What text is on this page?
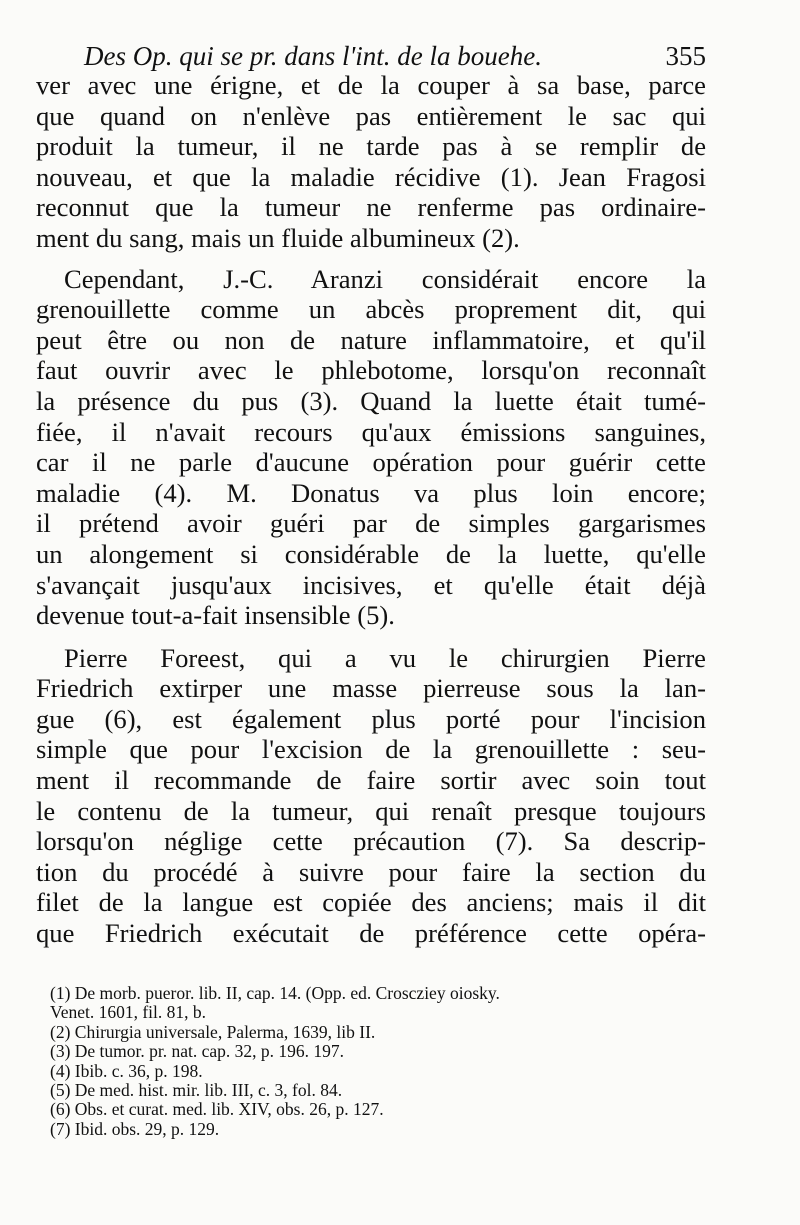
Des Op. qui se pr. dans l'int. de la bouehe.	355

ver avec une érigne, et de la couper à sa base, parce
que quand on n'enlève pas entièrement le sac qui
produit la tumeur, il ne tarde pas à se remplir de
nouveau, et que la maladie récidive (1). Jean Fragosi
reconnut que la tumeur ne renferme pas ordinaire-
ment du sang, mais un fluide albumineux (2).

Cependant, J.-C. Aranzi considérait encore la
grenouillette comme un abcès proprement dit, qui
peut être ou non de nature inflammatoire, et qu'il
faut ouvrir avec le phlebotome, lorsqu'on reconnaît
la présence du pus (3). Quand la luette était tumé-
fiée, il n'avait recours qu'aux émissions sanguines,
car il ne parle d'aucune opération pour guérir cette
maladie (4). M. Donatus va plus loin encore;
il prétend avoir guéri par de simples gargarismes
un alongement si considérable de la luette, qu'elle
s'avançait jusqu'aux incisives, et qu'elle était déjà
devenue tout-a-fait insensible (5).

Pierre Foreest, qui a vu le chirurgien Pierre
Friedrich extirper une masse pierreuse sous la lan-
gue (6), est également plus porté pour l'incision
simple que pour l'excision de la grenouillette : seu-
ment il recommande de faire sortir avec soin tout
le contenu de la tumeur, qui renaît presque toujours
lorsqu'on néglige cette précaution (7). Sa descrip-
tion du procédé à suivre pour faire la section du
filet de la langue est copiée des anciens; mais il dit
que Friedrich exécutait de préférence cette opéra-

(1) De morb. pueror. lib. II, cap. 14. (Opp. ed. Croscziey oiosky.
Venet. 1601, fil. 81, b.
(2) Chirurgia universale, Palerma, 1639, lib II.
(3) De tumor. pr. nat. cap. 32, p. 196. 197.
(4) Ibib. c. 36, p. 198.
(5) De med. hist. mir. lib. III, c. 3, fol. 84.
(6) Obs. et curat. med. lib. XIV, obs. 26, p. 127.
(7) Ibid. obs. 29, p. 129.
